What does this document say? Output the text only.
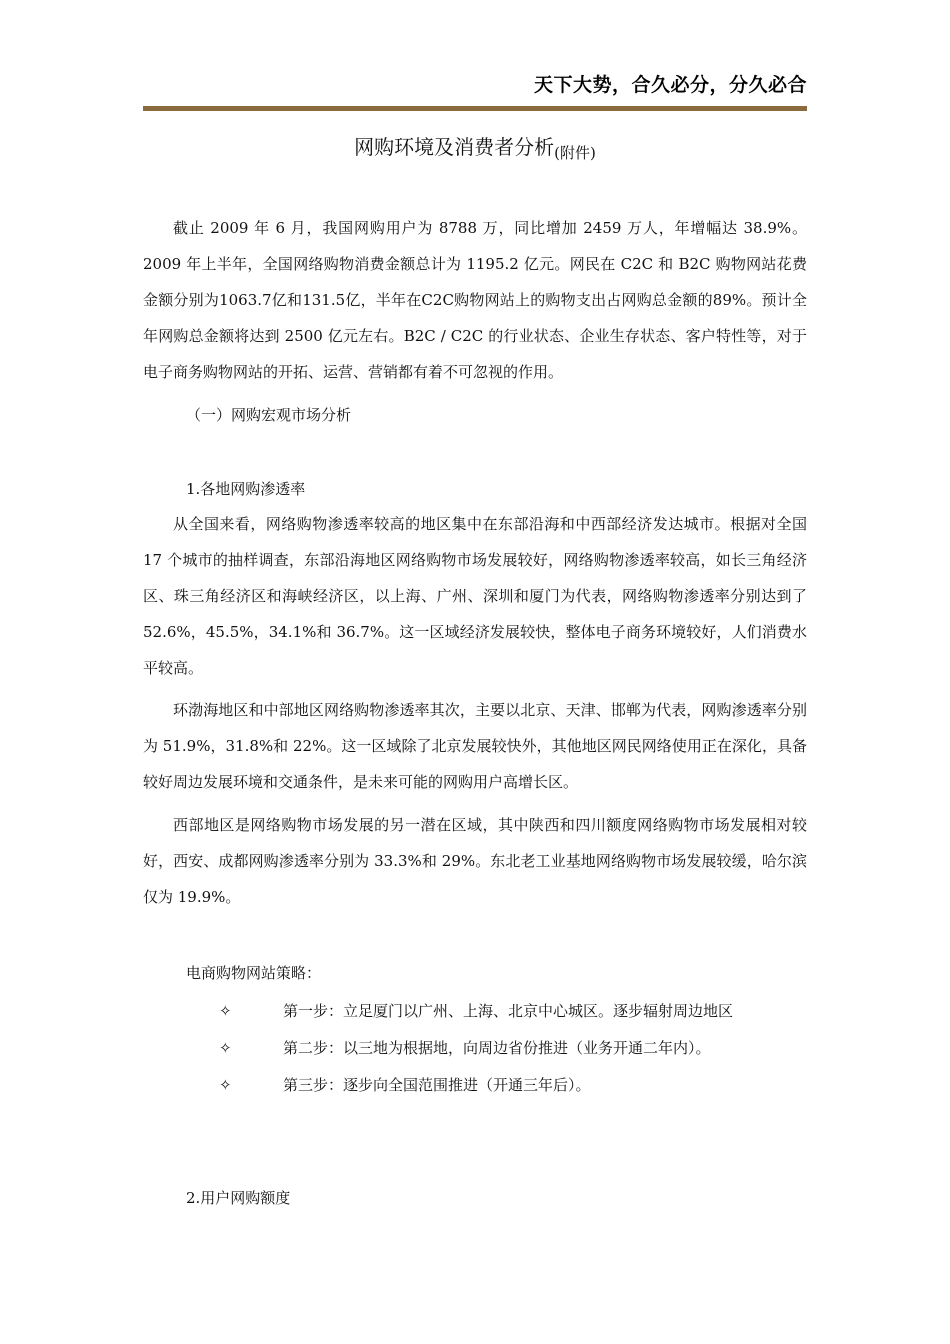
天下大势，合久必分，分久必合
网购环境及消费者分析$_{(附件)}$

截止 2009 年 6 月，我国网购用户为 8788 万，同比增加 2459 万人，年增幅达 38.9%。2009 年上半年，全国网络购物消费金额总计为 1195.2 亿元。网民在 C2C 和 B2C 购物网站花费金额分别为1063.7亿和131.5亿，半年在C2C购物网站上的购物支出占网购总金额的89%。预计全年网购总金额将达到 2500 亿元左右。B2C / C2C 的行业状态、企业生存状态、客户特性等，对于电子商务购物网站的开拓、运营、营销都有着不可忽视的作用。

（一）网购宏观市场分析

1.各地网购渗透率

从全国来看，网络购物渗透率较高的地区集中在东部沿海和中西部经济发达城市。根据对全国 17 个城市的抽样调查，东部沿海地区网络购物市场发展较好，网络购物渗透率较高，如长三角经济区、珠三角经济区和海峡经济区，以上海、广州、深圳和厦门为代表，网络购物渗透率分别达到了 52.6%，45.5%，34.1%和 36.7%。这一区域经济发展较快，整体电子商务环境较好，人们消费水平较高。

环渤海地区和中部地区网络购物渗透率其次，主要以北京、天津、邯郸为代表，网购渗透率分别为 51.9%，31.8%和 22%。这一区域除了北京发展较快外，其他地区网民网络使用正在深化，具备较好周边发展环境和交通条件，是未来可能的网购用户高增长区。

西部地区是网络购物市场发展的另一潜在区域，其中陕西和四川额度网络购物市场发展相对较好，西安、成都网购渗透率分别为 33.3%和 29%。东北老工业基地网络购物市场发展较缓，哈尔滨仅为 19.9%。

电商购物网站策略：

✧	第一步：立足厦门以广州、上海、北京中心城区。逐步辐射周边地区
✧	第二步：以三地为根据地，向周边省份推进（业务开通二年内）。
✧	第三步：逐步向全国范围推进（开通三年后）。

2.用户网购额度
